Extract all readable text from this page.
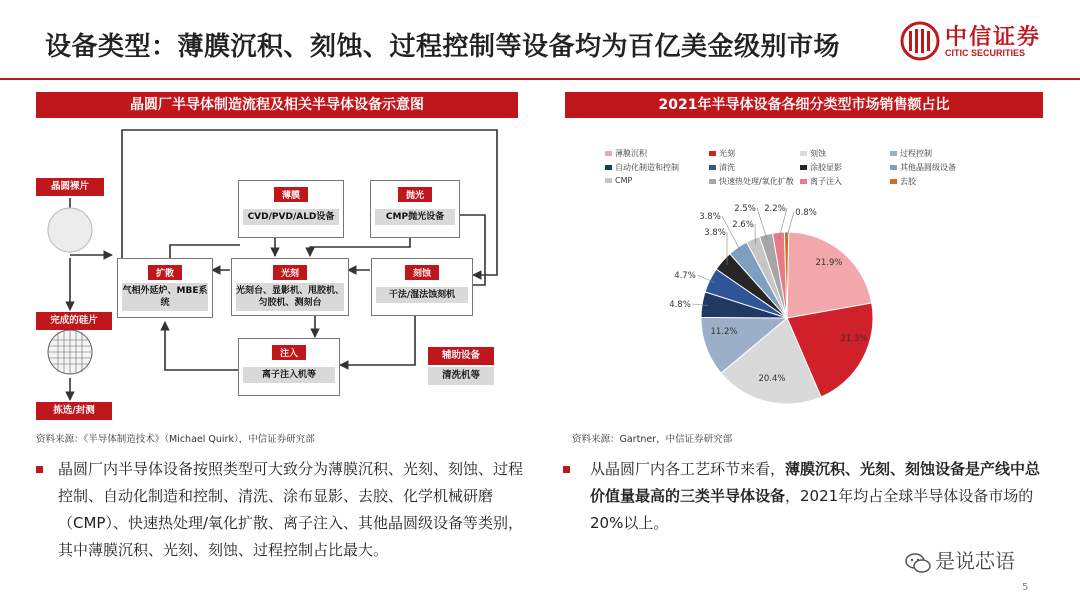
设备类型：薄膜沉积、刻蚀、过程控制等设备均为百亿美金级别市场	中信证券
CITIC SECURITIES
晶圆厂半导体制造流程及相关半导体设备示意图
晶圆裸片
完成的硅片
拣选/封测
薄膜
CVD/PVD/ALD设备
抛光
CMP抛光设备
扩散
气相外延炉、MBE系统
光刻
光刻台、显影机、甩胶机、匀胶机、测刻台
刻蚀
干法/湿法蚀刻机
注入
离子注入机等
辅助设备
清洗机等
资料来源：《半导体制造技术》（Michael Quirk），中信证券研究部
2021年半导体设备各细分类型市场销售额占比
薄膜沉积	光刻	刻蚀	过程控制
自动化制造和控制	清洗	涂胶显影	其他晶圆级设备
CMP	快速热处理/氧化扩散	离子注入	去胶
21.9%
21.3%
20.4%
11.2%
4.8%
4.7%
3.8%
3.8%
2.6%
2.5% 2.2% 0.8%
资料来源：Gartner，中信证券研究部
晶圆厂内半导体设备按照类型可大致分为薄膜沉积、光刻、刻蚀、过程控制、自动化制造和控制、清洗、涂布显影、去胶、化学机械研磨（CMP）、快速热处理/氧化扩散、离子注入、其他晶圆级设备等类别，其中薄膜沉积、光刻、刻蚀、过程控制占比最大。
从晶圆厂内各工艺环节来看，薄膜沉积、光刻、刻蚀设备是产线中总价值量最高的三类半导体设备，2021年均占全球半导体设备市场的20%以上。
是说芯语
5
